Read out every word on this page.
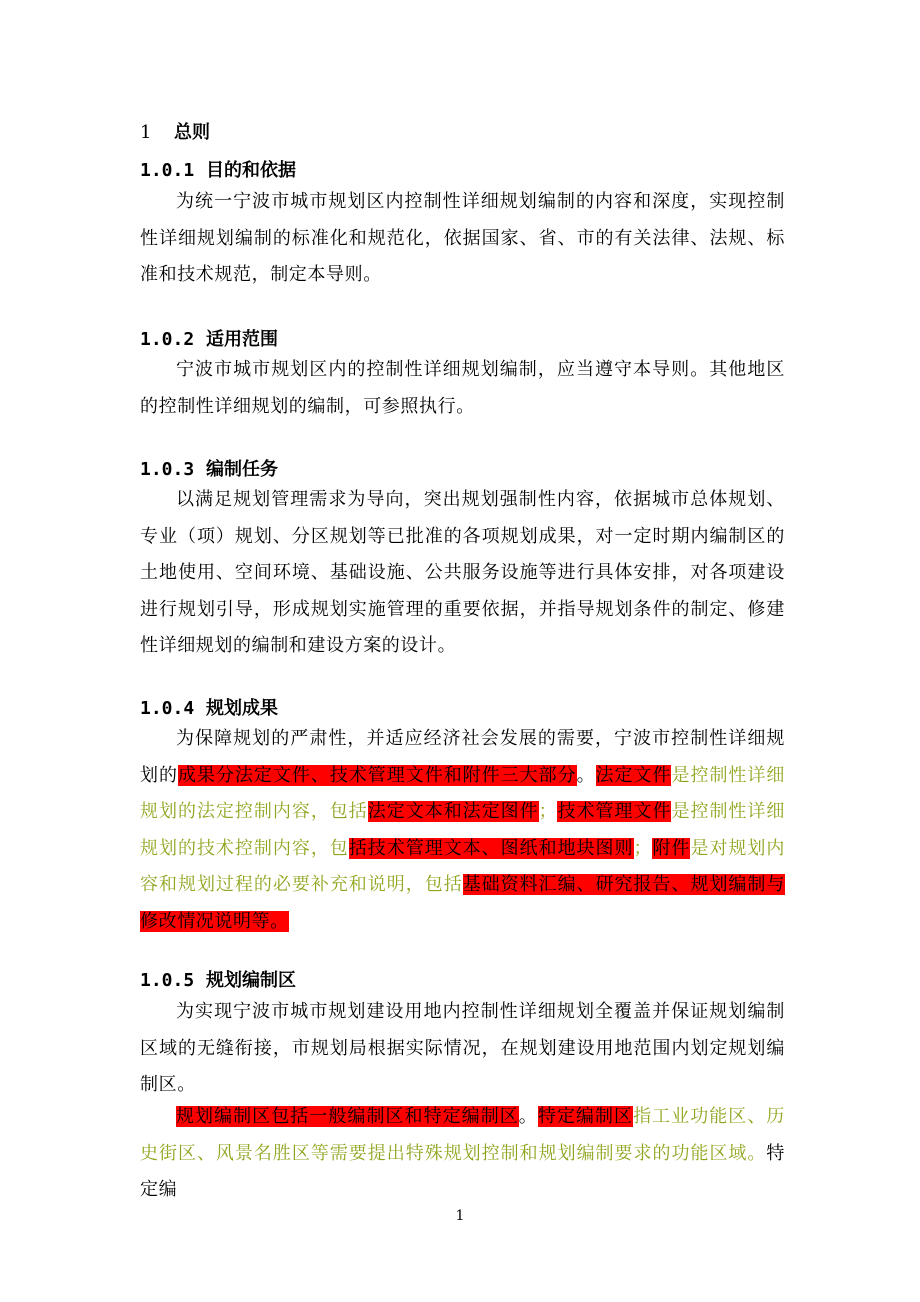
1 总则
1.0.1 目的和依据
为统一宁波市城市规划区内控制性详细规划编制的内容和深度，实现控制性详细规划编制的标准化和规范化，依据国家、省、市的有关法律、法规、标准和技术规范，制定本导则。
1.0.2 适用范围
宁波市城市规划区内的控制性详细规划编制，应当遵守本导则。其他地区的控制性详细规划的编制，可参照执行。
1.0.3 编制任务
以满足规划管理需求为导向，突出规划强制性内容，依据城市总体规划、专业（项）规划、分区规划等已批准的各项规划成果，对一定时期内编制区的土地使用、空间环境、基础设施、公共服务设施等进行具体安排，对各项建设进行规划引导，形成规划实施管理的重要依据，并指导规划条件的制定、修建性详细规划的编制和建设方案的设计。
1.0.4 规划成果
为保障规划的严肃性，并适应经济社会发展的需要，宁波市控制性详细规划的成果分法定文件、技术管理文件和附件三大部分。法定文件是控制性详细规划的法定控制内容，包括法定文本和法定图件；技术管理文件是控制性详细规划的技术控制内容，包括技术管理文本、图纸和地块图则；附件是对规划内容和规划过程的必要补充和说明，包括基础资料汇编、研究报告、规划编制与修改情况说明等。
1.0.5 规划编制区
为实现宁波市城市规划建设用地内控制性详细规划全覆盖并保证规划编制区域的无缝衔接，市规划局根据实际情况，在规划建设用地范围内划定规划编制区。
规划编制区包括一般编制区和特定编制区。特定编制区指工业功能区、历史街区、风景名胜区等需要提出特殊规划控制和规划编制要求的功能区域。特定编
1
